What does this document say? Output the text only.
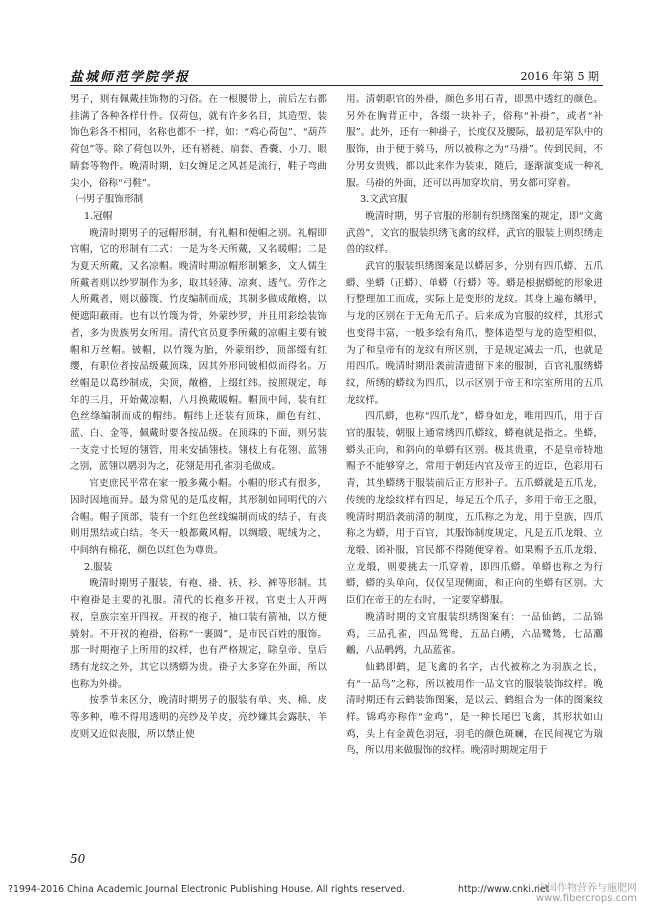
盐城师范学院学报	2016 年第 5 期

男子，则有佩戴挂饰物的习俗。在一根腰带上，前后左右都挂满了各种各样什件。仅荷包，就有许多名目，其造型、装饰色彩各不相同，名称也都不一样，如：“鸡心荷包”、“葫芦荷包”等。除了荷包以外，还有褡裢、扇套、香囊、小刀、眼睛套等物件。晚清时期，妇女缠足之风甚是流行，鞋子弯曲尖小，俗称“弓鞋”。

㈠男子服饰形制
1.冠帽

晚清时期男子的冠帽形制，有礼帽和便帽之别。礼帽即官帽，它的形制有二式：一是为冬天所戴，又名暖帽；二是为夏天所戴，又名凉帽。晚清时期凉帽形制繁多，文人儒生所戴者则以纱罗制作为多，取其轻薄、凉爽、透气。劳作之人所戴者，则以藤篾、竹皮编制而成，其制多做成敞檐，以便遮阳蔽雨。也有以竹篾为骨，外蒙纱罗，并且用彩绘装饰者，多为贵族男女所用。清代官员夏季所戴的凉帽主要有铍帽和万丝帽。铍帽，以竹篾为胎，外蒙绢纱，顶部缀有红缨，有职位者按品级戴顶珠，因其外形同铍相似而得名。万丝帽是以葛纱制成，尖顶，敞檐，上缀红纬。按照规定，每年的三月，开始戴凉帽，八月换戴暖帽。帽顶中间，装有红色丝绦编制而成的帽纬。帽纬上还装有顶珠，颜色有红、蓝、白、金等，佩戴时要各按品级。在顶珠的下面，则另装一支竞寸长短的翎管，用来安插翎枝。翎枝上有花翎、蓝翎之别，蓝翎以鹖羽为之，花翎是用孔雀羽毛做成。

官吏庶民平常在家一般多戴小帽。小帽的形式有很多，因时因地而异。最为常见的是瓜皮帽，其形制如同明代的六合帽。帽子顶部，装有一个红色丝线编制而成的结子，有丧则用黑结或白结。冬天一般都戴风帽，以绸缎、呢绒为之，中间纳有棉花，颜色以红色为尊贵。

2.服装

晚清时期男子服装，有袍、褂、袄、衫、裤等形制。其中袍褂是主要的礼服。清代的长袍多开衩，官吏士人开两衩，皇族宗室开四衩。开衩的袍子，袖口装有箭袖，以方便骑射。不开衩的袍褂，俗称“一裹圆”，是市民百姓的服饰。那一时期袍子上所用的纹样，也有严格规定，除皇帝、皇后绣有龙纹之外，其它以绣蟒为贵。褂子大多穿在外面，所以也称为外褂。

按季节来区分，晚清时期男子的服装有单、夹、棉、皮等多种，唯不得用透明的亮纱及羊皮，亮纱嫌其会露肤，羊皮则又近似丧服，所以禁止使

用。清朝职官的外褂，颜色多用石青，即黑中透红的颜色。另外在胸背正中，各缀一块补子，俗称“补褂”，或者“补服”。此外，还有一种褂子，长度仅及腰际，最初是军队中的服饰，由于便于骑马，所以被称之为“马褂”。传到民间，不分男女贵贱，都以此来作为装束，随后，逐渐演变成一种礼服。马褂的外面，还可以再加穿坎肩，男女都可穿着。

3.文武官服

晚清时期，男子官服的形制有织绣图案的规定，即“文禽武兽”，文官的服装织绣飞禽的纹样，武官的服装上则织绣走兽的纹样。

武官的服装织绣图案是以蟒居多，分别有四爪蟒、五爪蟒、坐蟒（正蟒）、单蟒（行蟒）等。蟒是根据蟒蛇的形象进行整理加工而成，实际上是变形的龙纹。其身上遍布鳞甲，与龙的区别在于无角无爪子。后来成为官服的纹样，其形式也变得丰富，一般多绘有角爪，整体造型与龙的造型相似，为了和皇帝有的龙纹有所区别，于是规定减去一爪，也就是用四爪。晚清时期沿袭前清遗留下来的服制，百官礼服绣蟒纹，所绣的蟒纹为四爪，以示区别于帝王和宗室所用的五爪龙纹样。

四爪蟒，也称“四爪龙”，蟒身如龙，唯用四爪，用于百官的服装，朝服上通常绣四爪蟒纹，蟒袍就是指之。坐蟒，蟒头正向，和斜向的单蟒有区别。极其贵重，不是皇帝特地赐予不能够穿之，常用于朝廷内官及帝王的近臣，色彩用石青，其坐蟒绣于服装前后正方形补子。五爪蟒就是五爪龙，传统的龙绘纹样有四足，每足五个爪子，多用于帝王之服，晚清时期沿袭前清的制度，五爪称之为龙，用于皇族，四爪称之为蟒，用于百官，其服饰制度规定，凡是五爪龙缎、立龙缎、团补服，官民都不得随便穿着。如果赐予五爪龙缎、立龙缎，则要挑去一爪穿着，即四爪蟒。单蟒也称之为行蟒，蟒的头单向，仅仅呈现侧面，和正向的坐蟒有区别。大臣们在帝王的左右时，一定要穿蟒服。

晚清时期的文官服装织绣图案有：一品仙鹤，二品锦鸡，三品孔雀，四品鸳鸯，五品白鹇，六品鹭鸶，七品鸂鶒，八品鹌鹑，九品蓝雀。

仙鹤即鹤，是飞禽的名字，古代被称之为羽族之长，有“一品鸟”之称，所以被用作一品文官的服装装饰纹样。晚清时期还有云鹤装饰图案，是以云、鹤组合为一体的图案纹样。锦鸡亦称作“金鸡”，是一种长尾巴飞禽，其形状如山鸡，头上有金黄色羽冠，羽毛的颜色斑斓，在民间视它为瑞鸟，所以用来做服饰的纹样。晚清时期规定用于

50
?1994-2016 China Academic Journal Electronic Publishing House. All rights reserved.	http://www.cnki.net
中国作物营养与施肥网
www.fibercrops.com
